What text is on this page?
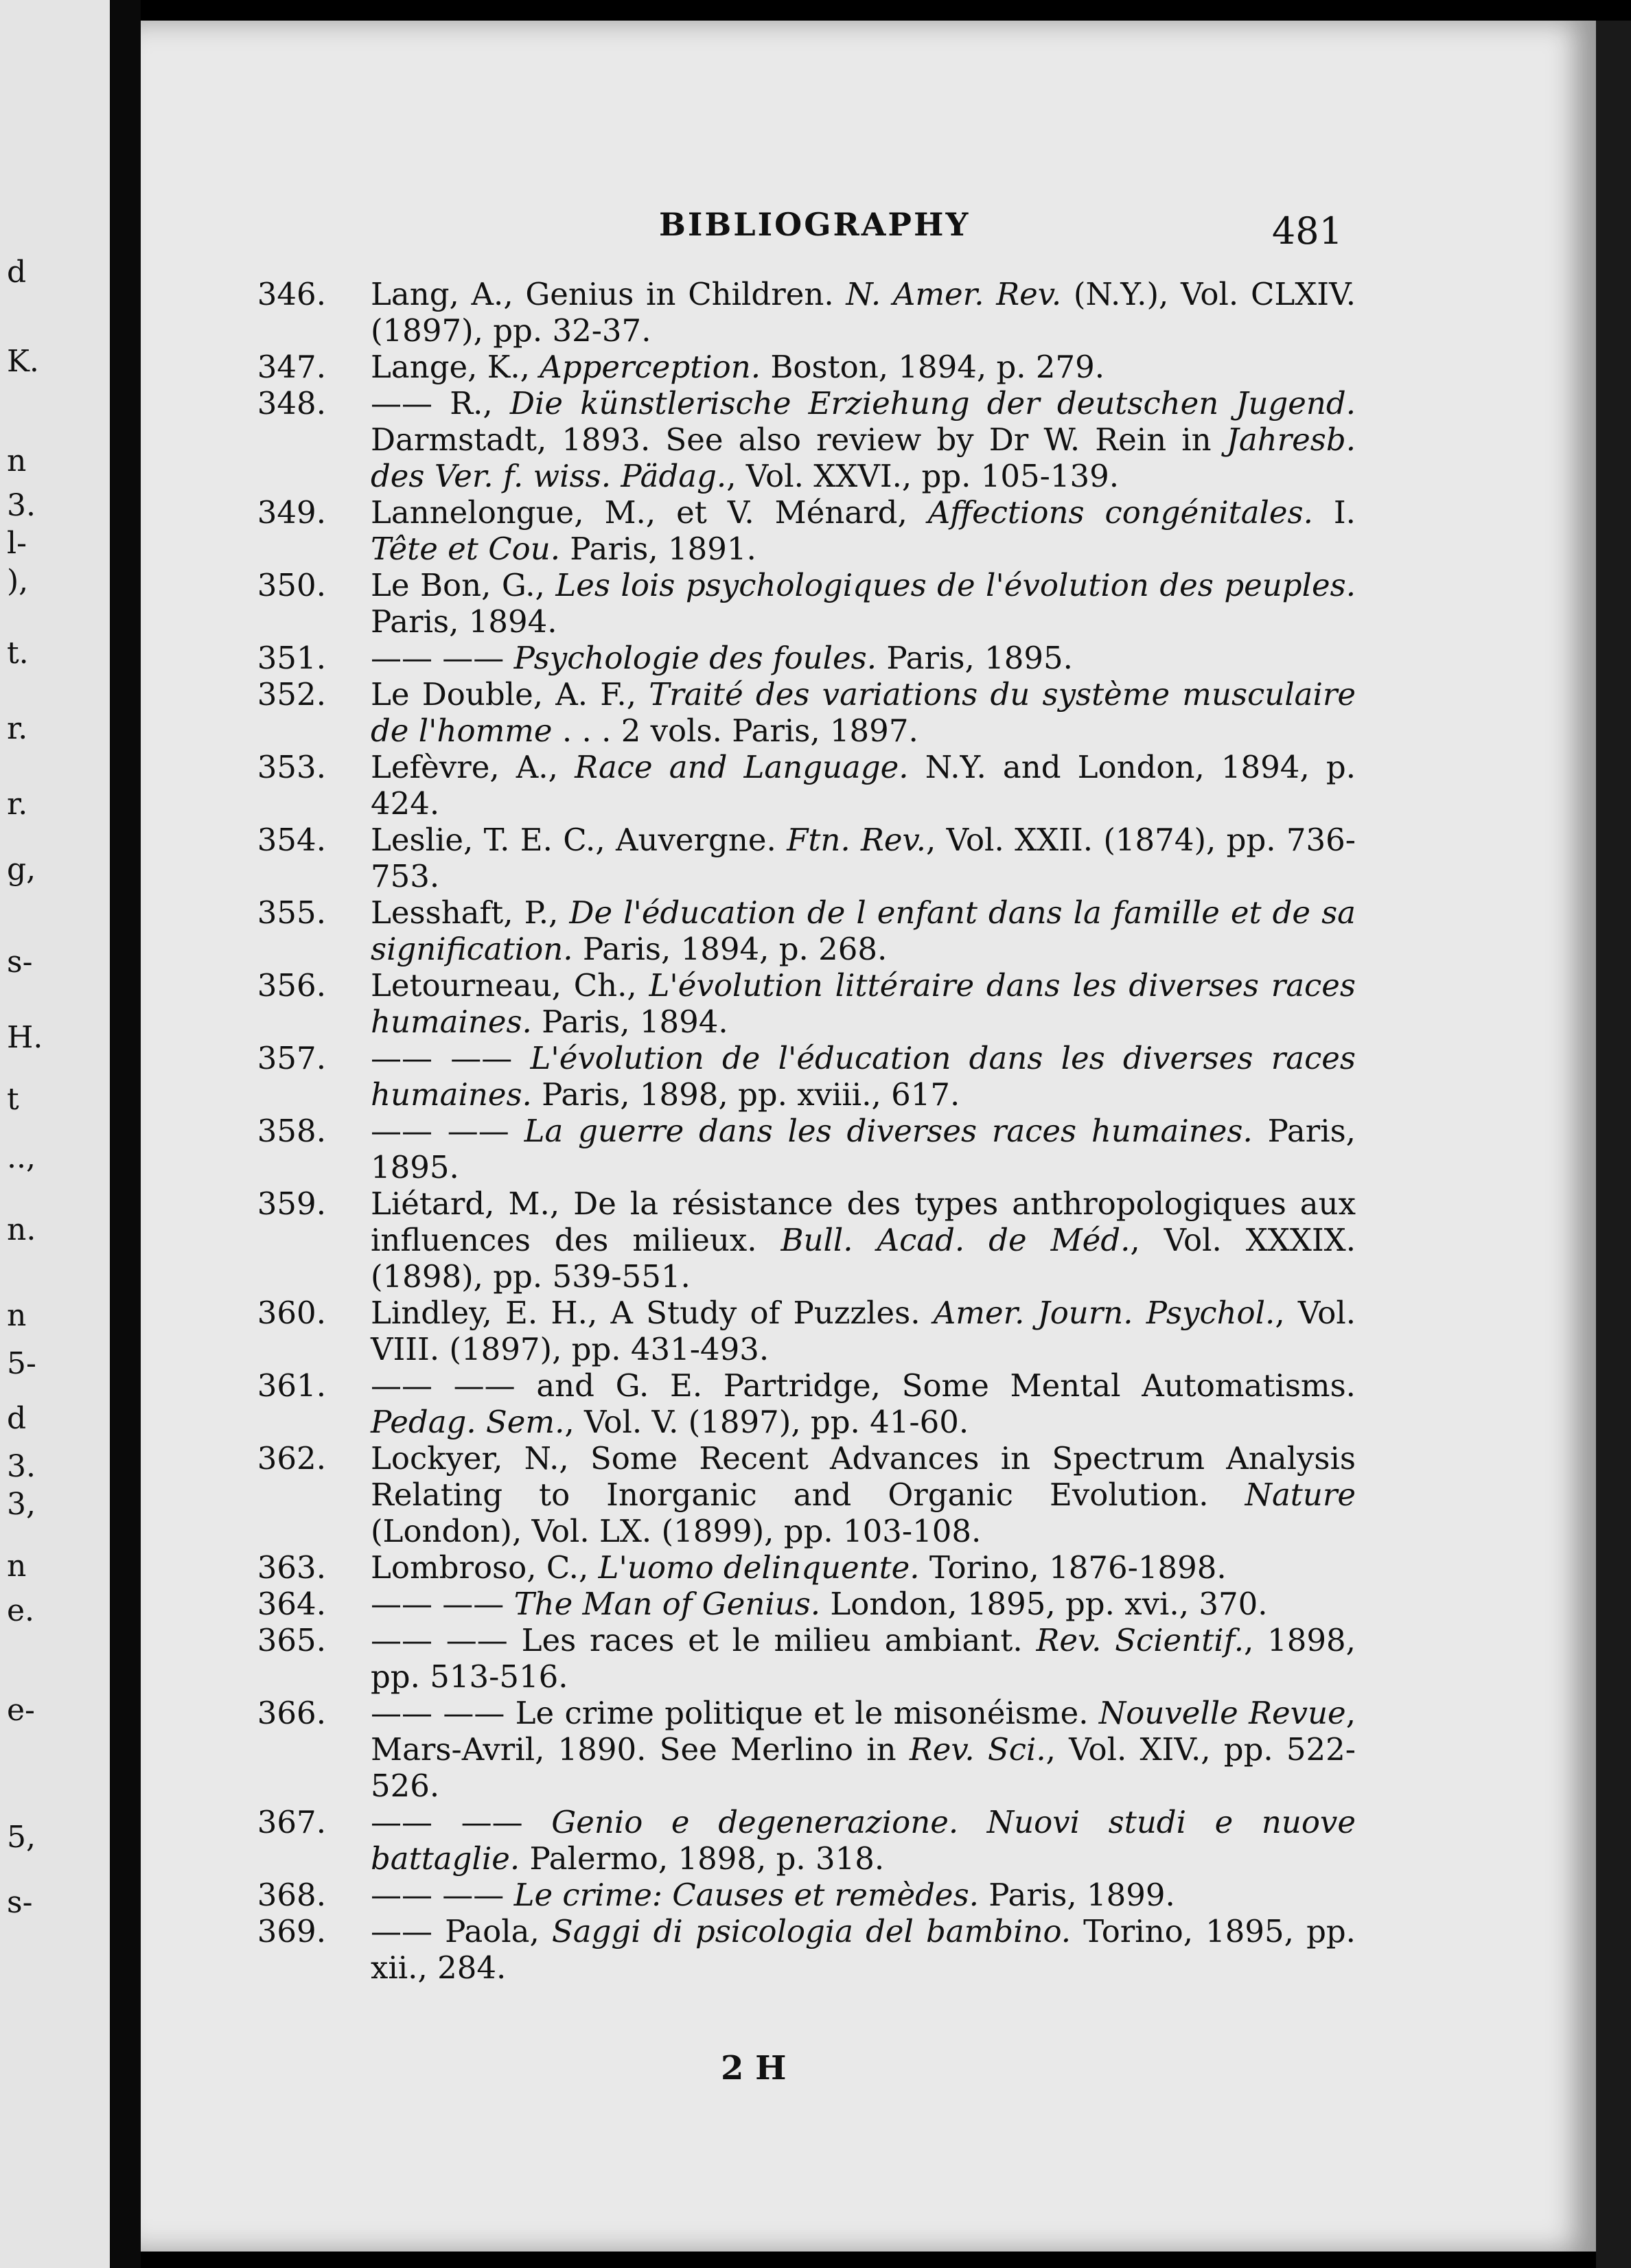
d
K.
n
3.
l-
),
t.
r.
r.
g,
s-
H.
t
..,
n.
n
5-
d
3.
3,
n
e.
e-
5,
s-
BIBLIOGRAPHY	481
346. Lang, A., Genius in Children. N. Amer. Rev. (N.Y.), Vol. CLXIV. (1897), pp. 32-37.
347. Lange, K., Apperception. Boston, 1894, p. 279.
348. —— R., Die künstlerische Erziehung der deutschen Jugend. Darmstadt, 1893. See also review by Dr W. Rein in Jahresb. des Ver. f. wiss. Pädag., Vol. XXVI., pp. 105-139.
349. Lannelongue, M., et V. Ménard, Affections congénitales. I. Tête et Cou. Paris, 1891.
350. Le Bon, G., Les lois psychologiques de l'évolution des peuples. Paris, 1894.
351. —— —— Psychologie des foules. Paris, 1895.
352. Le Double, A. F., Traité des variations du système musculaire de l'homme . . . 2 vols. Paris, 1897.
353. Lefèvre, A., Race and Language. N.Y. and London, 1894, p. 424.
354. Leslie, T. E. C., Auvergne. Ftn. Rev., Vol. XXII. (1874), pp. 736-753.
355. Lesshaft, P., De l'éducation de l enfant dans la famille et de sa signification. Paris, 1894, p. 268.
356. Letourneau, Ch., L'évolution littéraire dans les diverses races humaines. Paris, 1894.
357. —— —— L'évolution de l'éducation dans les diverses races humaines. Paris, 1898, pp. xviii., 617.
358. —— —— La guerre dans les diverses races humaines. Paris, 1895.
359. Liétard, M., De la résistance des types anthropologiques aux influences des milieux. Bull. Acad. de Méd., Vol. XXXIX. (1898), pp. 539-551.
360. Lindley, E. H., A Study of Puzzles. Amer. Journ. Psychol., Vol. VIII. (1897), pp. 431-493.
361. —— —— and G. E. Partridge, Some Mental Automatisms. Pedag. Sem., Vol. V. (1897), pp. 41-60.
362. Lockyer, N., Some Recent Advances in Spectrum Analysis Relating to Inorganic and Organic Evolution. Nature (London), Vol. LX. (1899), pp. 103-108.
363. Lombroso, C., L'uomo delinquente. Torino, 1876-1898.
364. —— —— The Man of Genius. London, 1895, pp. xvi., 370.
365. —— —— Les races et le milieu ambiant. Rev. Scientif., 1898, pp. 513-516.
366. —— —— Le crime politique et le misonéisme. Nouvelle Revue, Mars-Avril, 1890. See Merlino in Rev. Sci., Vol. XIV., pp. 522-526.
367. —— —— Genio e degenerazione. Nuovi studi e nuove battaglie. Palermo, 1898, p. 318.
368. —— —— Le crime: Causes et remèdes. Paris, 1899.
369. —— Paola, Saggi di psicologia del bambino. Torino, 1895, pp. xii., 284.
2 H
